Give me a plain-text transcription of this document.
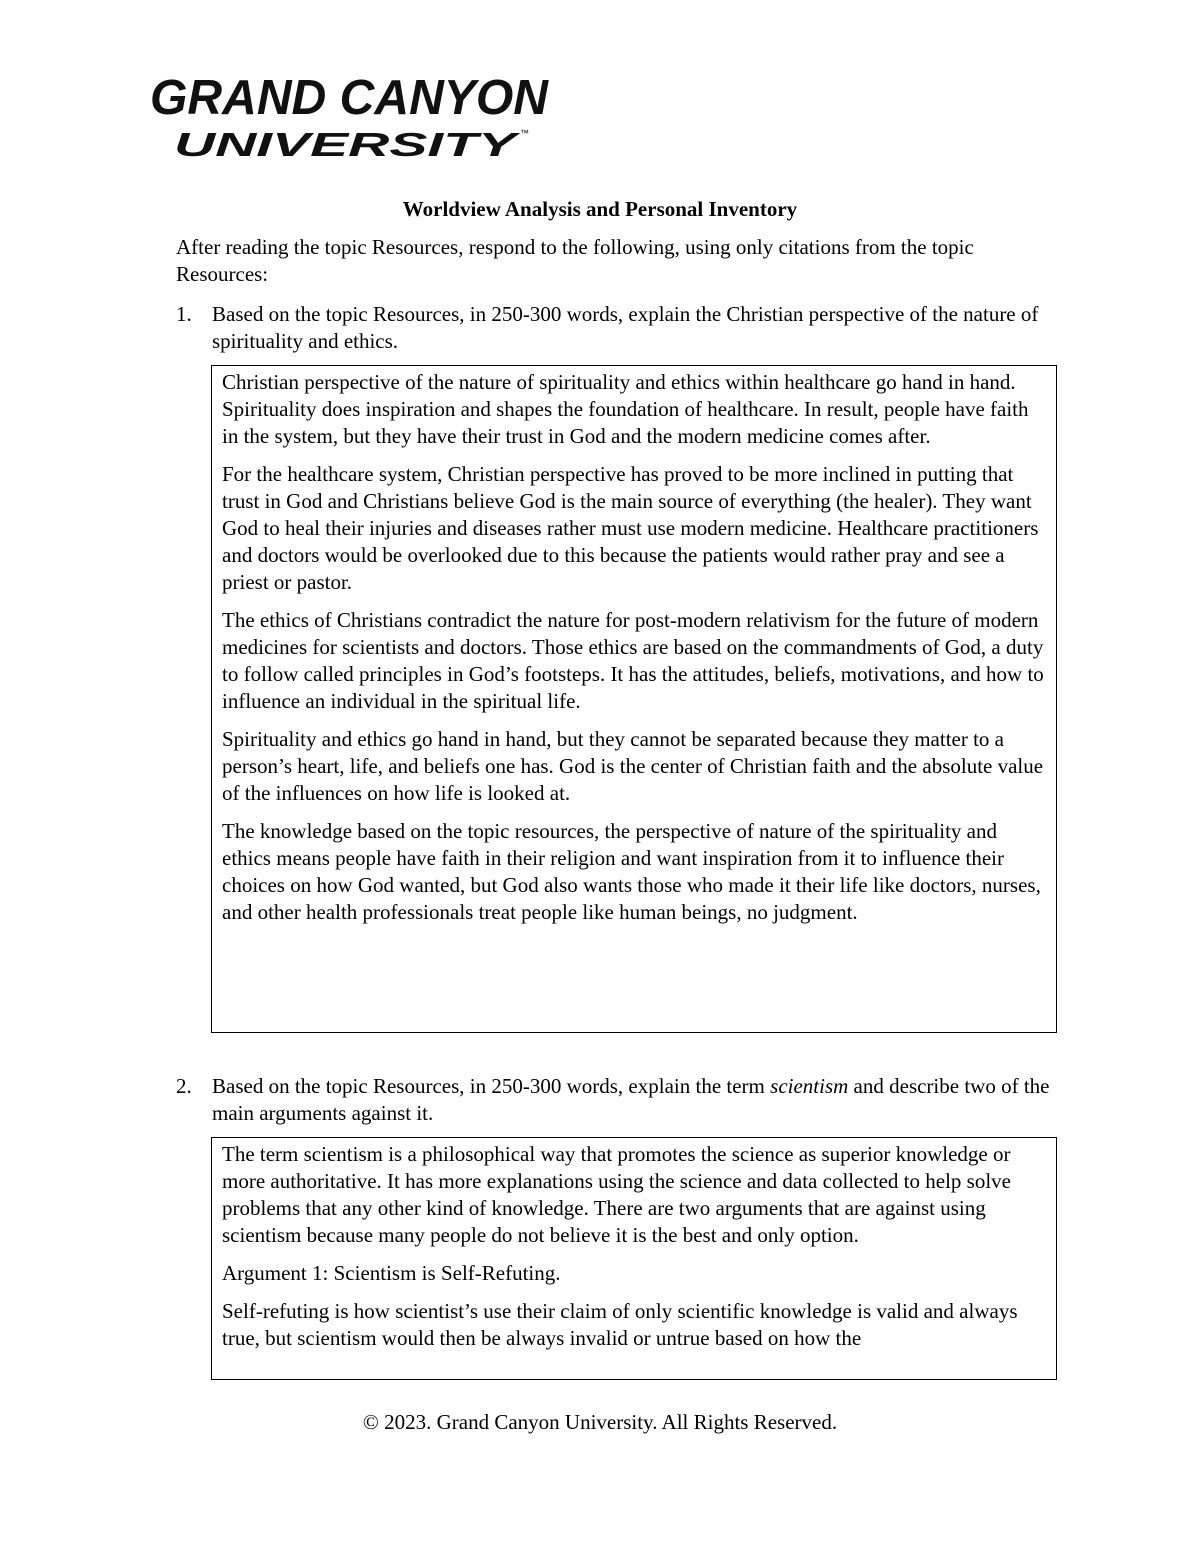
GRAND CANYON
UNIVERSITY
™
Worldview Analysis and Personal Inventory
After reading the topic Resources, respond to the following, using only citations from the topic Resources:
1. Based on the topic Resources, in 250-300 words, explain the Christian perspective of the nature of spirituality and ethics.

Christian perspective of the nature of spirituality and ethics within healthcare go hand in hand. Spirituality does inspiration and shapes the foundation of healthcare. In result, people have faith in the system, but they have their trust in God and the modern medicine comes after.

For the healthcare system, Christian perspective has proved to be more inclined in putting that trust in God and Christians believe God is the main source of everything (the healer). They want God to heal their injuries and diseases rather must use modern medicine. Healthcare practitioners and doctors would be overlooked due to this because the patients would rather pray and see a priest or pastor.

The ethics of Christians contradict the nature for post-modern relativism for the future of modern medicines for scientists and doctors. Those ethics are based on the commandments of God, a duty to follow called principles in God’s footsteps. It has the attitudes, beliefs, motivations, and how to influence an individual in the spiritual life.

Spirituality and ethics go hand in hand, but they cannot be separated because they matter to a person’s heart, life, and beliefs one has. God is the center of Christian faith and the absolute value of the influences on how life is looked at.

The knowledge based on the topic resources, the perspective of nature of the spirituality and ethics means people have faith in their religion and want inspiration from it to influence their choices on how God wanted, but God also wants those who made it their life like doctors, nurses, and other health professionals treat people like human beings, no judgment.

2. Based on the topic Resources, in 250-300 words, explain the term scientism and describe two of the main arguments against it.

The term scientism is a philosophical way that promotes the science as superior knowledge or more authoritative. It has more explanations using the science and data collected to help solve problems that any other kind of knowledge. There are two arguments that are against using scientism because many people do not believe it is the best and only option.

Argument 1: Scientism is Self-Refuting.

Self-refuting is how scientist’s use their claim of only scientific knowledge is valid and always true, but scientism would then be always invalid or untrue based on how the

© 2023. Grand Canyon University. All Rights Reserved.
